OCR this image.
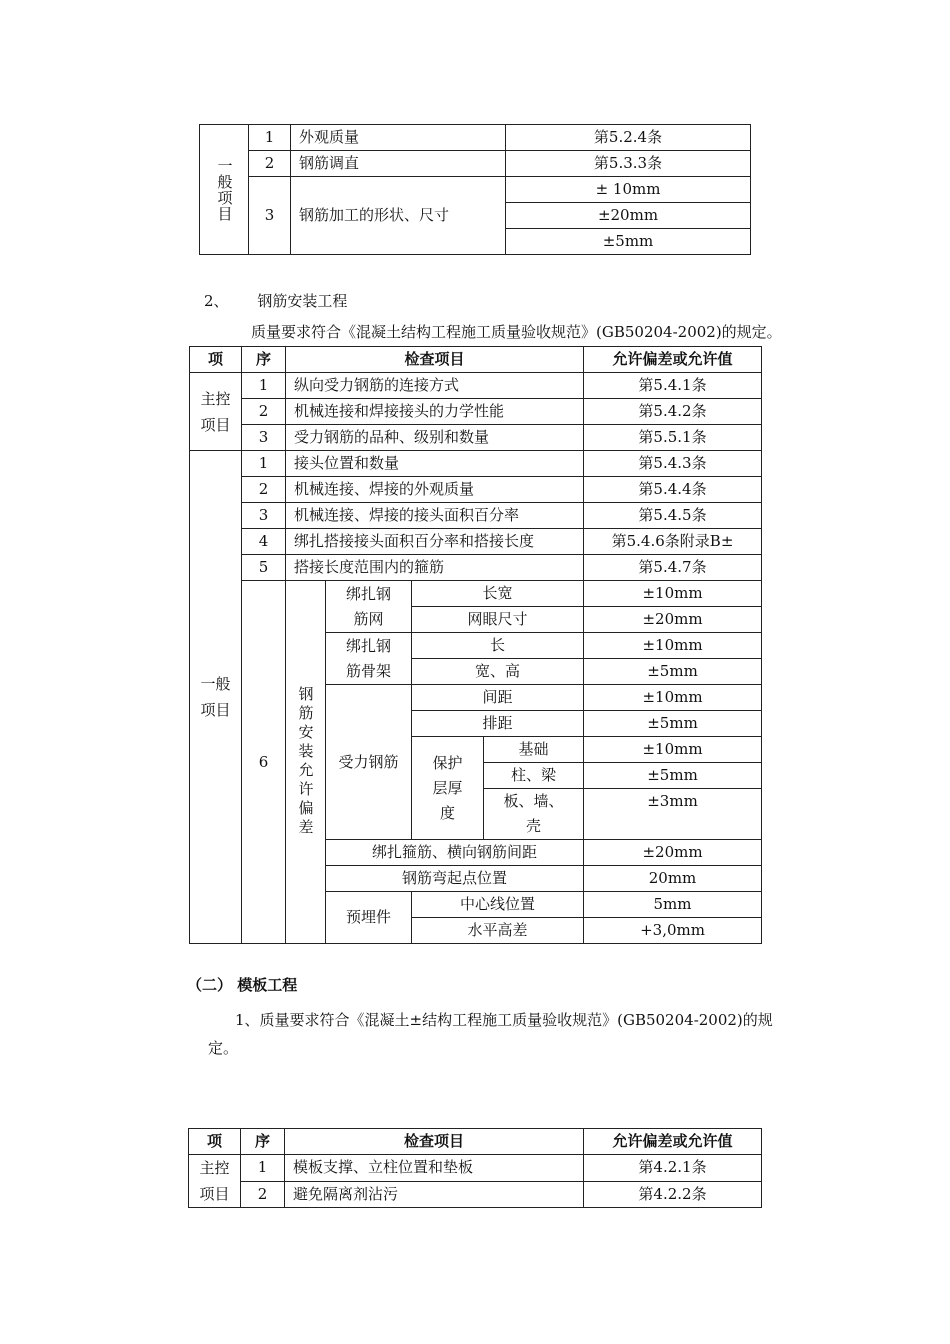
一般项目	1	外观质量	第5.2.4条
	2	钢筋调直	第5.3.3条
	3	钢筋加工的形状、尺寸	± 10mm
			±20mm
			±5mm
2、 钢筋安装工程
质量要求符合《混凝土结构工程施工质量验收规范》(GB50204-2002)的规定。
项	序	检查项目				允许偏差或允许值
主控项目	1	纵向受力钢筋的连接方式				第5.4.1条
	2	机械连接和焊接接头的力学性能				第5.4.2条
	3	受力钢筋的品种、级别和数量				第5.5.1条
一般项目	1	接头位置和数量				第5.4.3条
	2	机械连接、焊接的外观质量				第5.4.4条
	3	机械连接、焊接的接头面积百分率				第5.4.5条
	4	绑扎搭接接头面积百分率和搭接长度				第5.4.6条附录B±
	5	搭接长度范围内的箍筋				第5.4.7条
	6	钢筋安装允许偏差	绑扎钢筋网	长宽		±10mm
				网眼尺寸		±20mm
			绑扎钢筋骨架	长		±10mm
				宽、高		±5mm
			受力钢筋	间距		±10mm
				排距		±5mm
				保护层厚度	基础	±10mm
					柱、梁	±5mm
					板、墙、壳	±3mm

			绑扎箍筋、横向钢筋间距			±20mm
			钢筋弯起点位置			20mm
			预埋件	中心线位置		5mm
				水平高差		+3,0mm
（二） 模板工程
1、质量要求符合《混凝土±结构工程施工质量验收规范》(GB50204-2002)的规
定。
项	序	检查项目	允许偏差或允许值
主控项目	1	模板支撑、立柱位置和垫板	第4.2.1条
	2	避免隔离剂沾污	第4.2.2条
